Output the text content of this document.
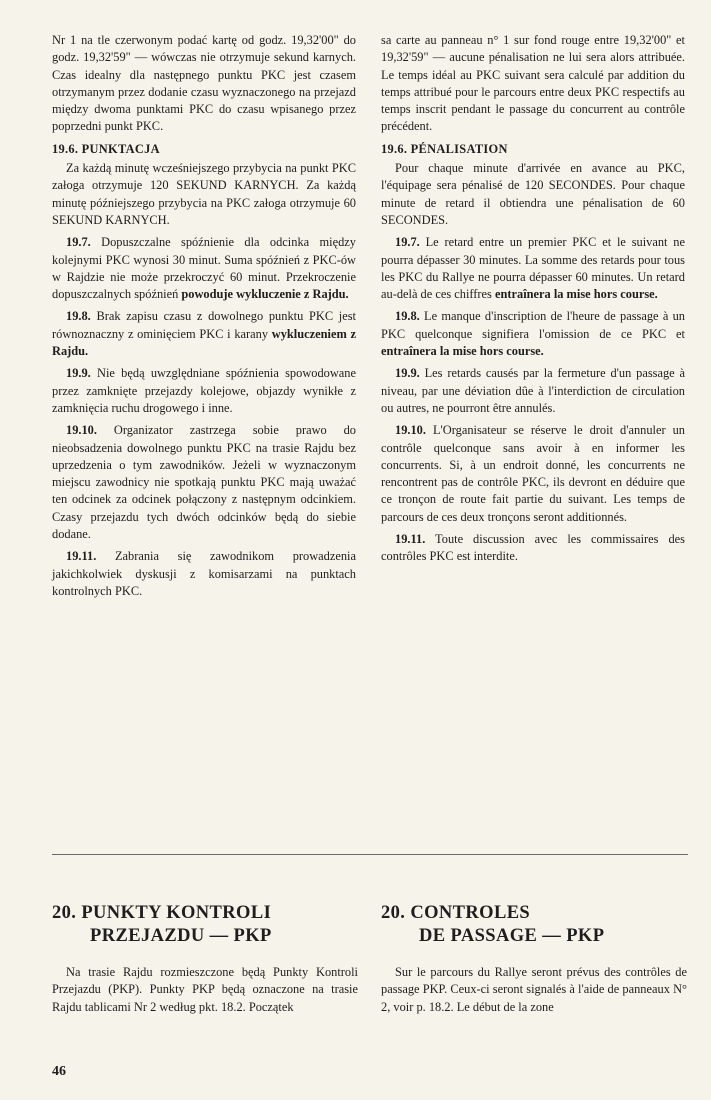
Nr 1 na tle czerwonym podać kartę od godz. 19,32'00" do godz. 19,32'59" — wówczas nie otrzymuje sekund karnych. Czas idealny dla następnego punktu PKC jest czasem otrzymanym przez dodanie czasu wyznaczonego na przejazd między dwoma punktami PKC do czasu wpisanego przez poprzedni punkt PKC.

19.6. PUNKTACJA

Za każdą minutę wcześniejszego przybycia na punkt PKC załoga otrzymuje 120 SEKUND KARNYCH. Za każdą minutę późniejszego przybycia na PKC załoga otrzymuje 60 SEKUND KARNYCH.

19.7. Dopuszczalne spóźnienie dla odcinka między kolejnymi PKC wynosi 30 minut. Suma spóźnień z PKC-ów w Rajdzie nie może przekroczyć 60 minut. Przekroczenie dopuszczalnych spóźnień powoduje wykluczenie z Rajdu.

19.8. Brak zapisu czasu z dowolnego punktu PKC jest równoznaczny z ominięciem PKC i karany wykluczeniem z Rajdu.

19.9. Nie będą uwzględniane spóźnienia spowodowane przez zamknięte przejazdy kolejowe, objazdy wynikłe z zamknięcia ruchu drogowego i inne.

19.10. Organizator zastrzega sobie prawo do nieobsadzenia dowolnego punktu PKC na trasie Rajdu bez uprzedzenia o tym zawodników. Jeżeli w wyznaczonym miejscu zawodnicy nie spotkają punktu PKC mają uważać ten odcinek za odcinek połączony z następnym odcinkiem. Czasy przejazdu tych dwóch odcinków będą do siebie dodane.

19.11. Zabrania się zawodnikom prowadzenia jakichkolwiek dyskusji z komisarzami na punktach kontrolnych PKC.

sa carte au panneau n° 1 sur fond rouge entre 19,32'00" et 19,32'59" — aucune pénalisation ne lui sera alors attribuée. Le temps idéal au PKC suivant sera calculé par addition du temps attribué pour le parcours entre deux PKC respectifs au temps inscrit pendant le passage du concurrent au contrôle précédent.

19.6. PÉNALISATION

Pour chaque minute d'arrivée en avance au PKC, l'équipage sera pénalisé de 120 SECONDES. Pour chaque minute de retard il obtiendra une pénalisation de 60 SECONDES.

19.7. Le retard entre un premier PKC et le suivant ne pourra dépasser 30 minutes. La somme des retards pour tous les PKC du Rallye ne pourra dépasser 60 minutes. Un retard au-delà de ces chiffres entraînera la mise hors course.

19.8. Le manque d'inscription de l'heure de passage à un PKC quelconque signifiera l'omission de ce PKC et entraînera la mise hors course.

19.9. Les retards causés par la fermeture d'un passage à niveau, par une déviation dûe à l'interdiction de circulation ou autres, ne pourront être annulés.

19.10. L'Organisateur se réserve le droit d'annuler un contrôle quelconque sans avoir à en informer les concurrents. Si, à un endroit donné, les concurrents ne rencontrent pas de contrôle PKC, ils devront en déduire que ce tronçon de route fait partie du suivant. Les temps de parcours de ces deux tronçons seront additionnés.

19.11. Toute discussion avec les commissaires des contrôles PKC est interdite.

20. PUNKTY KONTROLI
PRZEJAZDU — PKP
20. CONTROLES
DE PASSAGE — PKP

Na trasie Rajdu rozmieszczone będą Punkty Kontroli Przejazdu (PKP). Punkty PKP będą oznaczone na trasie Rajdu tablicami Nr 2 według pkt. 18.2. Początek

Sur le parcours du Rallye seront prévus des contrôles de passage PKP. Ceux-ci seront signalés à l'aide de panneaux N° 2, voir p. 18.2. Le début de la zone

46
